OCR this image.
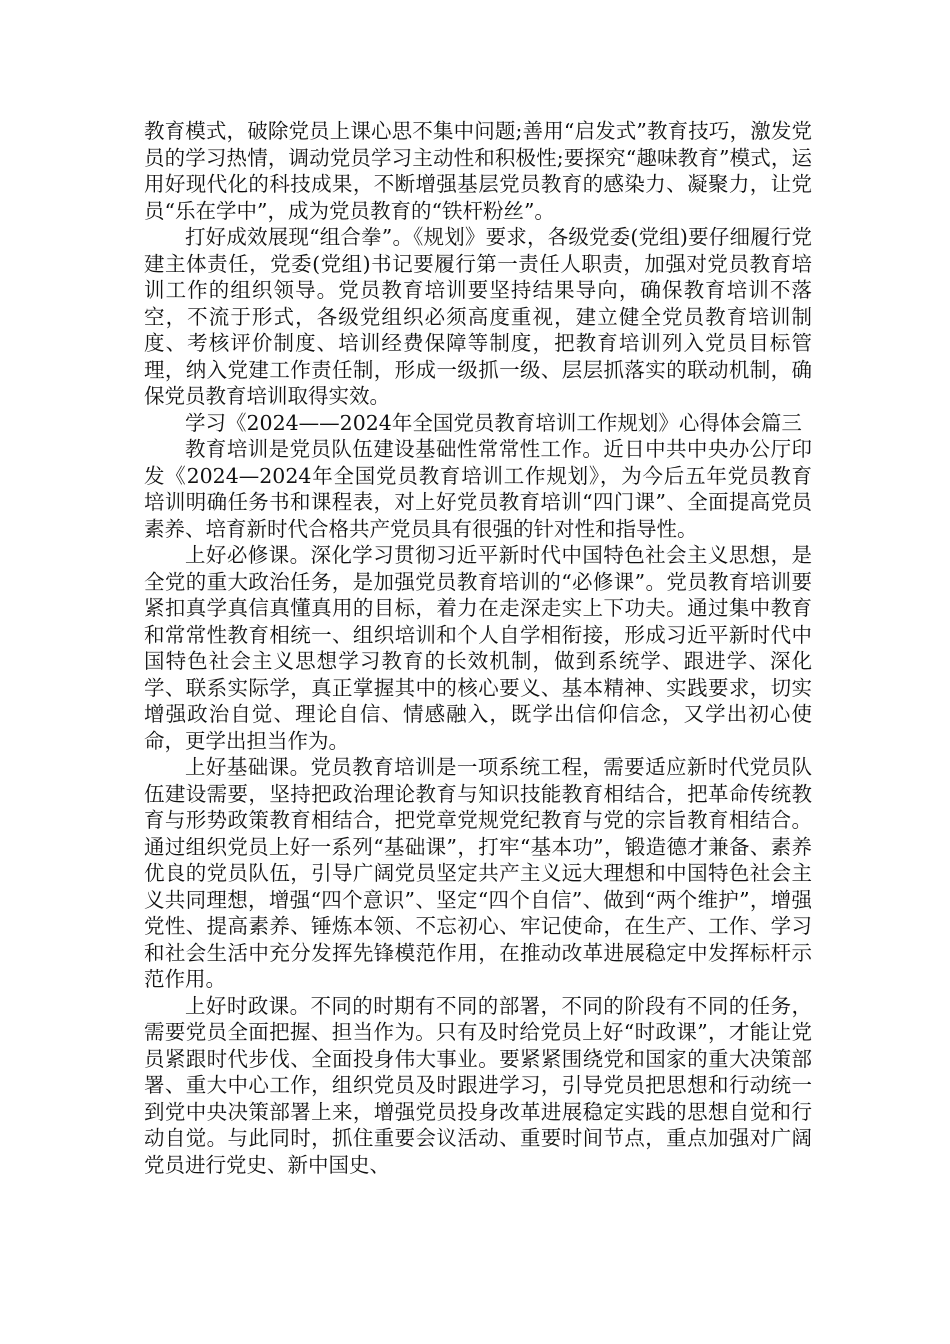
教育模式，破除党员上课心思不集中问题;善用“启发式”教育技巧，激发党员的学习热情，调动党员学习主动性和积极性;要探究“趣味教育”模式，运用好现代化的科技成果，不断增强基层党员教育的感染力、凝聚力，让党员“乐在学中”，成为党员教育的“铁杆粉丝”。

打好成效展现“组合拳”。《规划》要求，各级党委(党组)要仔细履行党建主体责任，党委(党组)书记要履行第一责任人职责，加强对党员教育培训工作的组织领导。党员教育培训要坚持结果导向，确保教育培训不落空，不流于形式，各级党组织必须高度重视，建立健全党员教育培训制度、考核评价制度、培训经费保障等制度，把教育培训列入党员目标管理，纳入党建工作责任制，形成一级抓一级、层层抓落实的联动机制，确保党员教育培训取得实效。

学习《2024——2024年全国党员教育培训工作规划》心得体会篇三

教育培训是党员队伍建设基础性常常性工作。近日中共中央办公厅印发《2024—2024年全国党员教育培训工作规划》，为今后五年党员教育培训明确任务书和课程表，对上好党员教育培训“四门课”、全面提高党员素养、培育新时代合格共产党员具有很强的针对性和指导性。

上好必修课。深化学习贯彻习近平新时代中国特色社会主义思想，是全党的重大政治任务，是加强党员教育培训的“必修课”。党员教育培训要紧扣真学真信真懂真用的目标，着力在走深走实上下功夫。通过集中教育和常常性教育相统一、组织培训和个人自学相衔接，形成习近平新时代中国特色社会主义思想学习教育的长效机制，做到系统学、跟进学、深化学、联系实际学，真正掌握其中的核心要义、基本精神、实践要求，切实增强政治自觉、理论自信、情感融入，既学出信仰信念，又学出初心使命，更学出担当作为。

上好基础课。党员教育培训是一项系统工程，需要适应新时代党员队伍建设需要，坚持把政治理论教育与知识技能教育相结合，把革命传统教育与形势政策教育相结合，把党章党规党纪教育与党的宗旨教育相结合。通过组织党员上好一系列“基础课”，打牢“基本功”，锻造德才兼备、素养优良的党员队伍，引导广阔党员坚定共产主义远大理想和中国特色社会主义共同理想，增强“四个意识”、坚定“四个自信”、做到“两个维护”，增强党性、提高素养、锤炼本领、不忘初心、牢记使命，在生产、工作、学习和社会生活中充分发挥先锋模范作用，在推动改革进展稳定中发挥标杆示范作用。

上好时政课。不同的时期有不同的部署，不同的阶段有不同的任务，需要党员全面把握、担当作为。只有及时给党员上好“时政课”，才能让党员紧跟时代步伐、全面投身伟大事业。要紧紧围绕党和国家的重大决策部署、重大中心工作，组织党员及时跟进学习，引导党员把思想和行动统一到党中央决策部署上来，增强党员投身改革进展稳定实践的思想自觉和行动自觉。与此同时，抓住重要会议活动、重要时间节点，重点加强对广阔党员进行党史、新中国史、
